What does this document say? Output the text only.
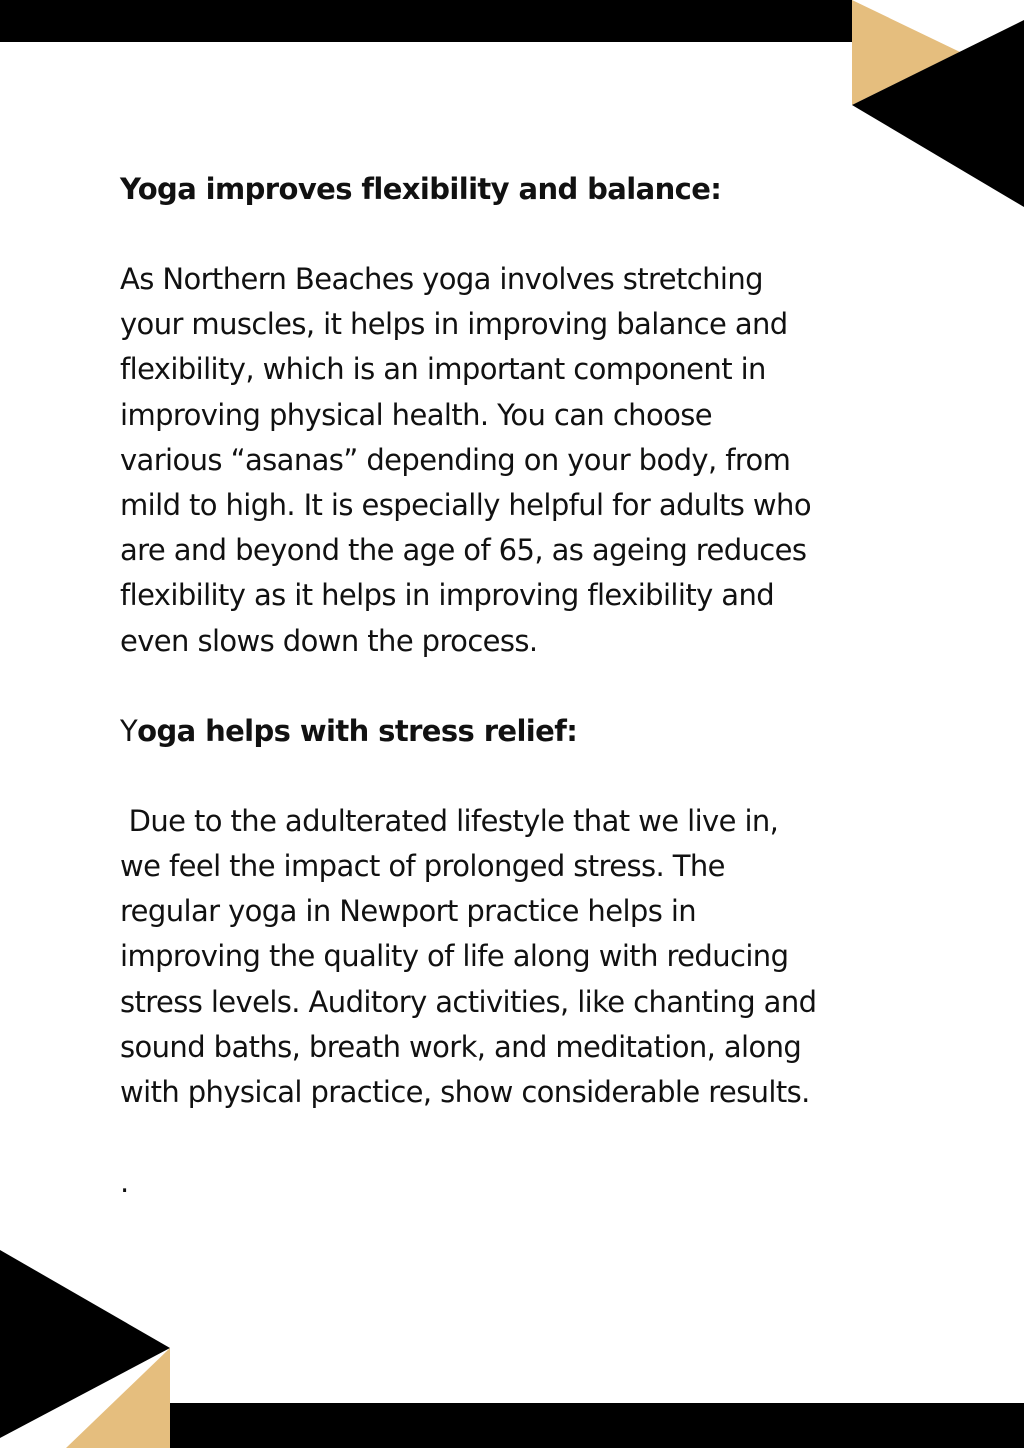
Yoga improves flexibility and balance:

As Northern Beaches yoga involves stretching
your muscles, it helps in improving balance and
flexibility, which is an important component in
improving physical health. You can choose
various “asanas” depending on your body, from
mild to high. It is especially helpful for adults who
are and beyond the age of 65, as ageing reduces
flexibility as it helps in improving flexibility and
even slows down the process.

Yoga helps with stress relief:

Due to the adulterated lifestyle that we live in,
we feel the impact of prolonged stress. The
regular yoga in Newport practice helps in
improving the quality of life along with reducing
stress levels. Auditory activities, like chanting and
sound baths, breath work, and meditation, along
with physical practice, show considerable results.

.
